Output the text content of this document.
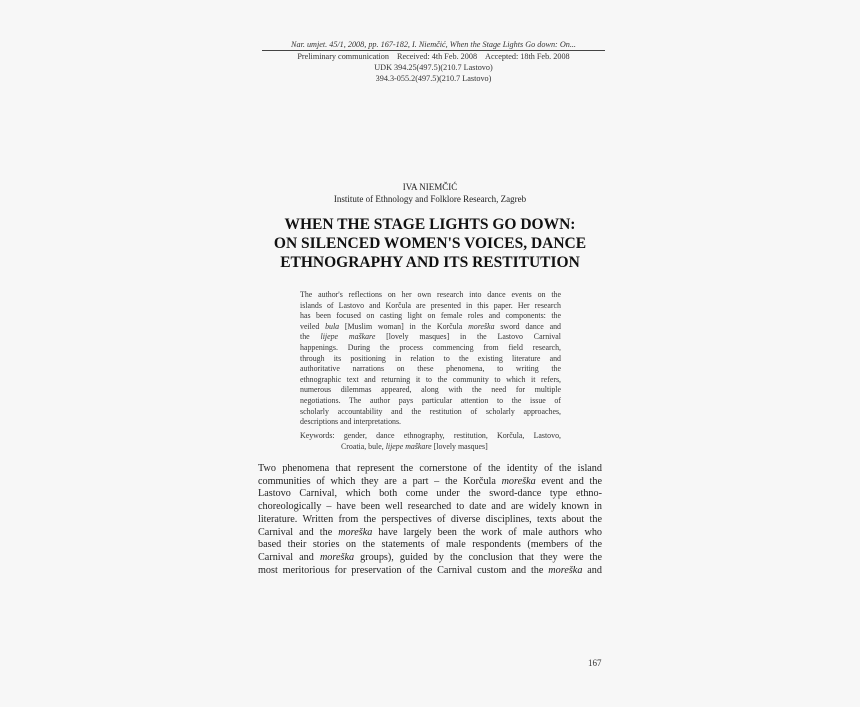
Nar. umjet. 45/1, 2008, pp. 167-182, I. Niemčić, When the Stage Lights Go down: On...
Preliminary communication Received: 4th Feb. 2008 Accepted: 18th Feb. 2008
UDK 394.25(497.5)(210.7 Lastovo)
394.3-055.2(497.5)(210.7 Lastovo)
IVA NIEMČIĆ
Institute of Ethnology and Folklore Research, Zagreb
WHEN THE STAGE LIGHTS GO DOWN:
ON SILENCED WOMEN'S VOICES, DANCE
ETHNOGRAPHY AND ITS RESTITUTION
The author's reflections on her own research into dance events on the
islands of Lastovo and Korčula are presented in this paper. Her research
has been focused on casting light on female roles and components: the
veiled bula [Muslim woman] in the Korčula moreška sword dance and
the lijepe maškare [lovely masques] in the Lastovo Carnival
happenings. During the process commencing from field research,
through its positioning in relation to the existing literature and
authoritative narrations on these phenomena, to writing the
ethnographic text and returning it to the community to which it refers,
numerous dilemmas appeared, along with the need for multiple
negotiations. The author pays particular attention to the issue of
scholarly accountability and the restitution of scholarly approaches,
descriptions and interpretations.
Keywords: gender, dance ethnography, restitution, Korčula, Lastovo,
Croatia, bule, lijepe maškare [lovely masques]
Two phenomena that represent the cornerstone of the identity of the island
communities of which they are a part – the Korčula moreška event and the
Lastovo Carnival, which both come under the sword-dance type ethno-
choreologically – have been well researched to date and are widely known in
literature. Written from the perspectives of diverse disciplines, texts about the
Carnival and the moreška have largely been the work of male authors who
based their stories on the statements of male respondents (members of the
Carnival and moreška groups), guided by the conclusion that they were the
most meritorious for preservation of the Carnival custom and the moreška and
167
